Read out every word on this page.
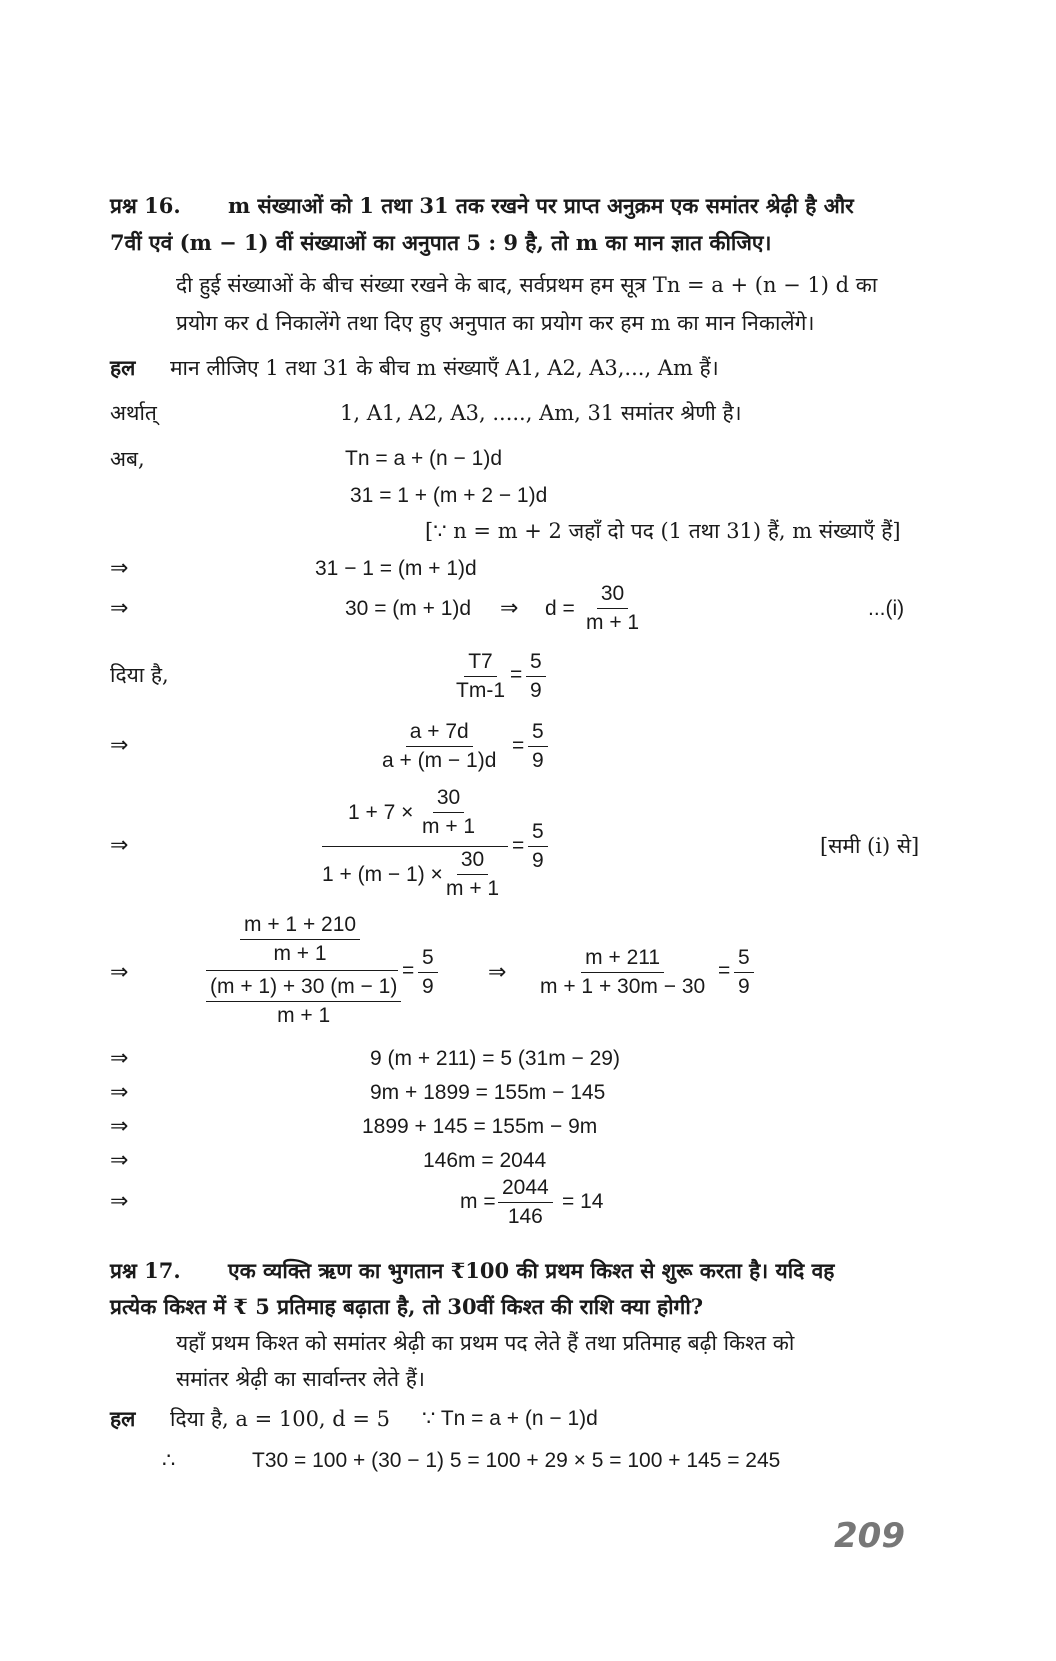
प्रश्न 16. m संख्याओं को 1 तथा 31 तक रखने पर प्राप्त अनुक्रम एक समांतर श्रेढ़ी है और
7वीं एवं (m − 1) वीं संख्याओं का अनुपात 5 : 9 है, तो m का मान ज्ञात कीजिए।
दी हुई संख्याओं के बीच संख्या रखने के बाद, सर्वप्रथम हम सूत्र Tn = a + (n − 1) d का
प्रयोग कर d निकालेंगे तथा दिए हुए अनुपात का प्रयोग कर हम m का मान निकालेंगे।
हल मान लीजिए 1 तथा 31 के बीच m संख्याएँ A1, A2, A3,..., Am हैं।
अर्थात्	1, A1, A2, A3, ....., Am, 31 समांतर श्रेणी है।
अब,	Tn = a + (n − 1)d
31 = 1 + (m + 2 − 1)d
[∵ n = m + 2 जहाँ दो पद (1 तथा 31) हैं, m संख्याएँ हैं]
⇒	31 − 1 = (m + 1)d
⇒	30 = (m + 1)d ⇒ $d = \frac{30}{m + 1}$	...(i)
दिया है,	$\frac{T7}{Tm-1} = \frac{5}{9}$
⇒	$\frac{a + 7d}{a + (m - 1)d} = \frac{5}{9}$
⇒
$1 + 7 \times \frac{30}{m + 1}$
$1 + (m - 1) \times \frac{30}{m + 1}$
= $\frac{5}{9}$	[समी (i) से]
⇒
$\frac{m + 1 + 210}{m + 1}$
$\frac{(m + 1) + 30 (m - 1)}{m + 1}$
= $\frac{5}{9}$ ⇒ $\frac{m + 211}{m + 1 + 30m - 30} = \frac{5}{9}$
⇒	9 (m + 211) = 5 (31m − 29)
⇒	9m + 1899 = 155m − 145
⇒	1899 + 145 = 155m − 9m
⇒	146m = 2044
⇒	$m = \frac{2044}{146} = 14$
प्रश्न 17. एक व्यक्ति ऋण का भुगतान ₹100 की प्रथम किश्त से शुरू करता है। यदि वह
प्रत्येक किश्त में ₹ 5 प्रतिमाह बढ़ाता है, तो 30वीं किश्त की राशि क्या होगी?
यहाँ प्रथम किश्त को समांतर श्रेढ़ी का प्रथम पद लेते हैं तथा प्रतिमाह बढ़ी किश्त को
समांतर श्रेढ़ी का सार्वान्तर लेते हैं।
हल दिया है, a = 100, d = 5 ∵ Tn = a + (n − 1)d
∴	T30 = 100 + (30 − 1) 5 = 100 + 29 × 5 = 100 + 145 = 245
209
